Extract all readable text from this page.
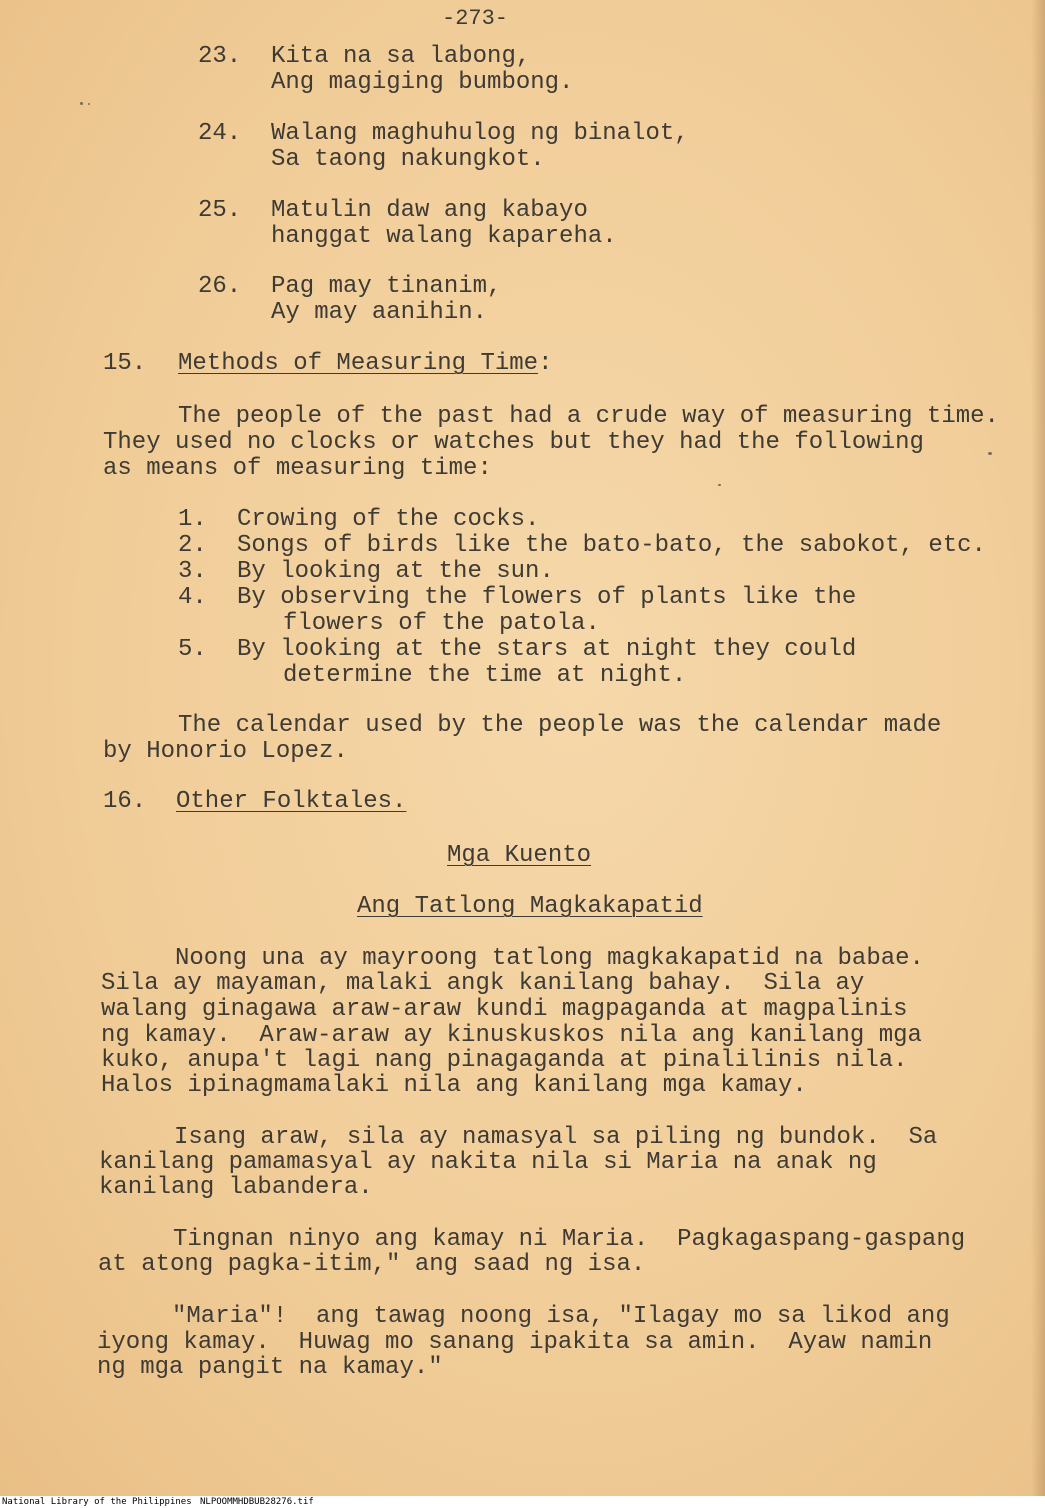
-273-
23. Kita na sa labong,
Ang magiging bumbong.
24. Walang maghuhulog ng binalot,
Sa taong nakungkot.
25. Matulin daw ang kabayo
hanggat walang kapareha.
26. Pag may tinanim,
Ay may aanihin.
15. Methods of Measuring Time:
The people of the past had a crude way of measuring time.
They used no clocks or watches but they had the following
as means of measuring time:
1. Crowing of the cocks.
2. Songs of birds like the bato-bato, the sabokot, etc.
3. By looking at the sun.
4. By observing the flowers of plants like the
flowers of the patola.
5. By looking at the stars at night they could
determine the time at night.
The calendar used by the people was the calendar made
by Honorio Lopez.
16. Other Folktales.
Mga Kuento
Ang Tatlong Magkakapatid
Noong una ay mayroong tatlong magkakapatid na babae.
Sila ay mayaman, malaki angk kanilang bahay.  Sila ay
walang ginagawa araw-araw kundi magpaganda at magpalinis
ng kamay.  Araw-araw ay kinuskuskos nila ang kanilang mga
kuko, anupa't lagi nang pinagaganda at pinalilinis nila.
Halos ipinagmamalaki nila ang kanilang mga kamay.
Isang araw, sila ay namasyal sa piling ng bundok.  Sa
kanilang pamamasyal ay nakita nila si Maria na anak ng
kanilang labandera.
Tingnan ninyo ang kamay ni Maria.  Pagkagaspang-gaspang
at atong pagka-itim," ang saad ng isa.
"Maria"!  ang tawag noong isa, "Ilagay mo sa likod ang
iyong kamay.  Huwag mo sanang ipakita sa amin.  Ayaw namin
ng mga pangit na kamay."
National Library of the Philippines NLPOOMMHDBUB28276.tif
